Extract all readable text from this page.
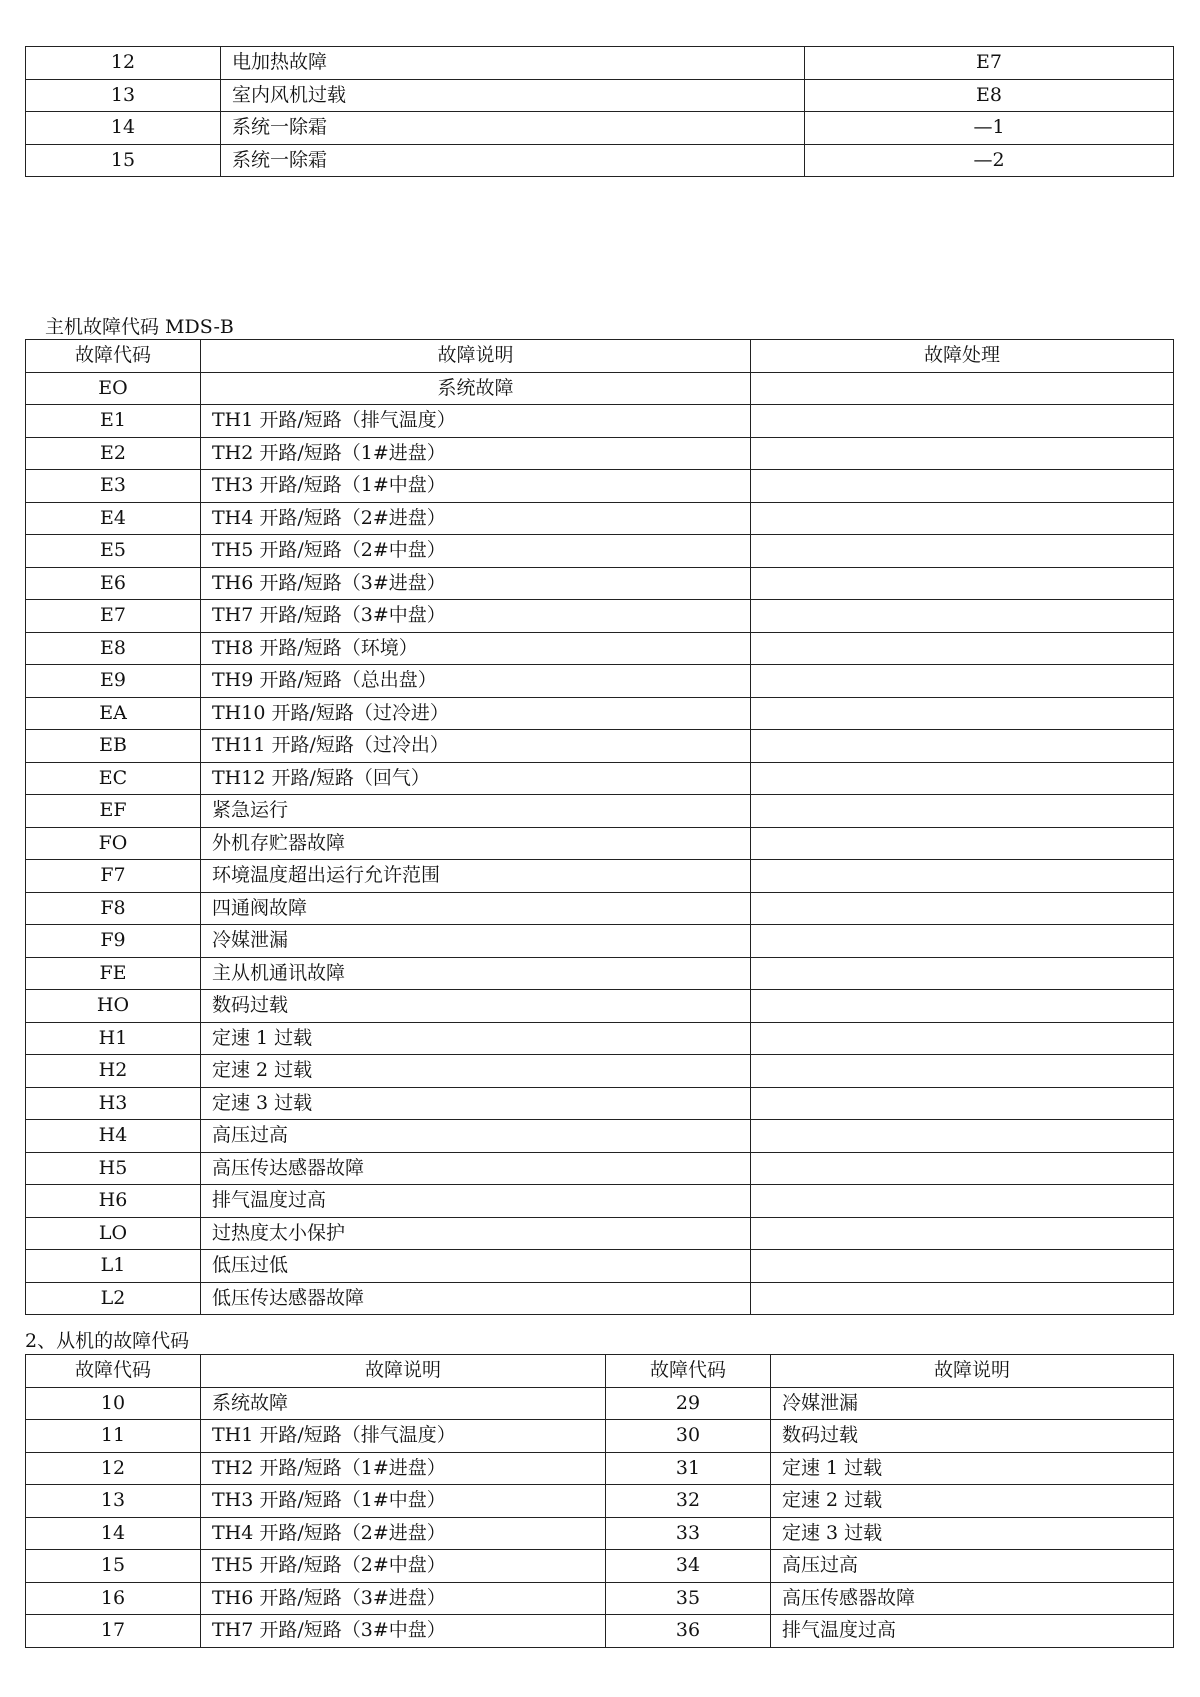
12	电加热故障	E7
13	室内风机过载	E8
14	系统一除霜	—1
15	系统一除霜	—2
主机故障代码 MDS-B
故障代码	故障说明	故障处理
EO	系统故障	
E1	TH1 开路/短路（排气温度）	
E2	TH2 开路/短路（1#进盘）	
E3	TH3 开路/短路（1#中盘）	
E4	TH4 开路/短路（2#进盘）	
E5	TH5 开路/短路（2#中盘）	
E6	TH6 开路/短路（3#进盘）	
E7	TH7 开路/短路（3#中盘）	
E8	TH8 开路/短路（环境）	
E9	TH9 开路/短路（总出盘）	
EA	TH10 开路/短路（过冷进）	
EB	TH11 开路/短路（过冷出）	
EC	TH12 开路/短路（回气）	
EF	紧急运行	
FO	外机存贮器故障	
F7	环境温度超出运行允许范围	
F8	四通阀故障	
F9	冷媒泄漏	
FE	主从机通讯故障	
HO	数码过载	
H1	定速 1 过载	
H2	定速 2 过载	
H3	定速 3 过载	
H4	高压过高	
H5	高压传达感器故障	
H6	排气温度过高	
LO	过热度太小保护	
L1	低压过低	
L2	低压传达感器故障	
2、从机的故障代码
故障代码	故障说明	故障代码	故障说明
10	系统故障	29	冷媒泄漏
11	TH1 开路/短路（排气温度）	30	数码过载
12	TH2 开路/短路（1#进盘）	31	定速 1 过载
13	TH3 开路/短路（1#中盘）	32	定速 2 过载
14	TH4 开路/短路（2#进盘）	33	定速 3 过载
15	TH5 开路/短路（2#中盘）	34	高压过高
16	TH6 开路/短路（3#进盘）	35	高压传感器故障
17	TH7 开路/短路（3#中盘）	36	排气温度过高
